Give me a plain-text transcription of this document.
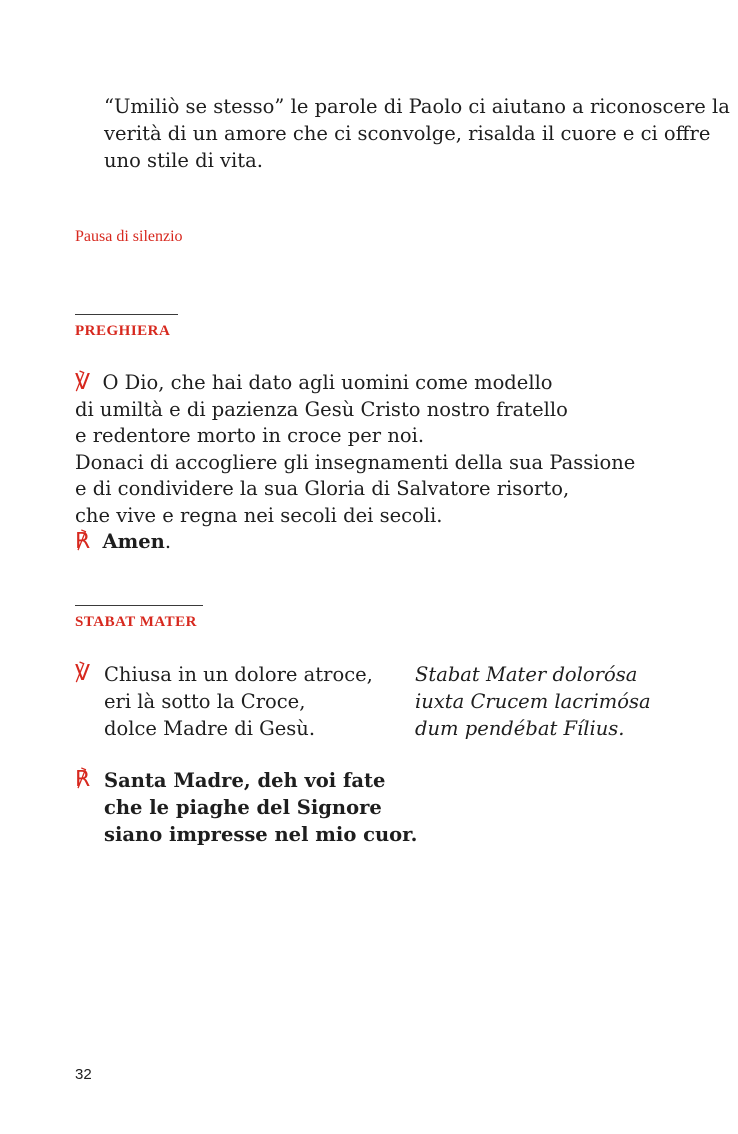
“Umiliò se stesso” le parole di Paolo ci aiutano a riconoscere la
verità di un amore che ci sconvolge, risalda il cuore e ci offre
uno stile di vita.
Pausa di silenzio
PREGHIERA
℣ O Dio, che hai dato agli uomini come modello
di umiltà e di pazienza Gesù Cristo nostro fratello
e redentore morto in croce per noi.
Donaci di accogliere gli insegnamenti della sua Passione
e di condividere la sua Gloria di Salvatore risorto,
che vive e regna nei secoli dei secoli.
℟ Amen.
STABAT MATER
℣ Chiusa in un dolore atroce,
eri là sotto la Croce,
dolce Madre di Gesù.
Stabat Mater dolorósa
iuxta Crucem lacrimósa
dum pendébat Fílius.
℟ Santa Madre, deh voi fate
che le piaghe del Signore
siano impresse nel mio cuor.
32
